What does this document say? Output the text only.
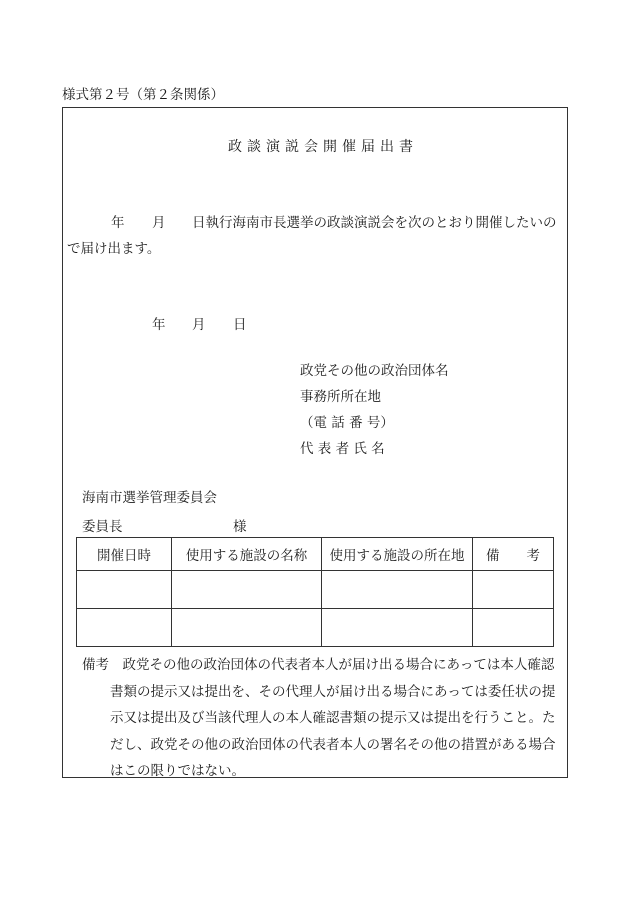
様式第２号（第２条関係）
政談演説会開催届出書
年 月 日執行海南市長選挙の政談演説会を次のとおり開催したいの
で届け出ます。
年 月 日
政党その他の政治団体名
事務所所在地
（電 話 番 号）
代 表 者 氏 名
海南市選挙管理委員会
委員長	様
開催日時	使用する施設の名称	使用する施設の所在地	備　　考

備考　 政党その他の政治団体の代表者本人が届け出る場合にあっては本人確認
書類の提示又は提出を、その代理人が届け出る場合にあっては委任状の提
示又は提出及び当該代理人の本人確認書類の提示又は提出を行うこと。た
だし、政党その他の政治団体の代表者本人の署名その他の措置がある場合
はこの限りではない。
